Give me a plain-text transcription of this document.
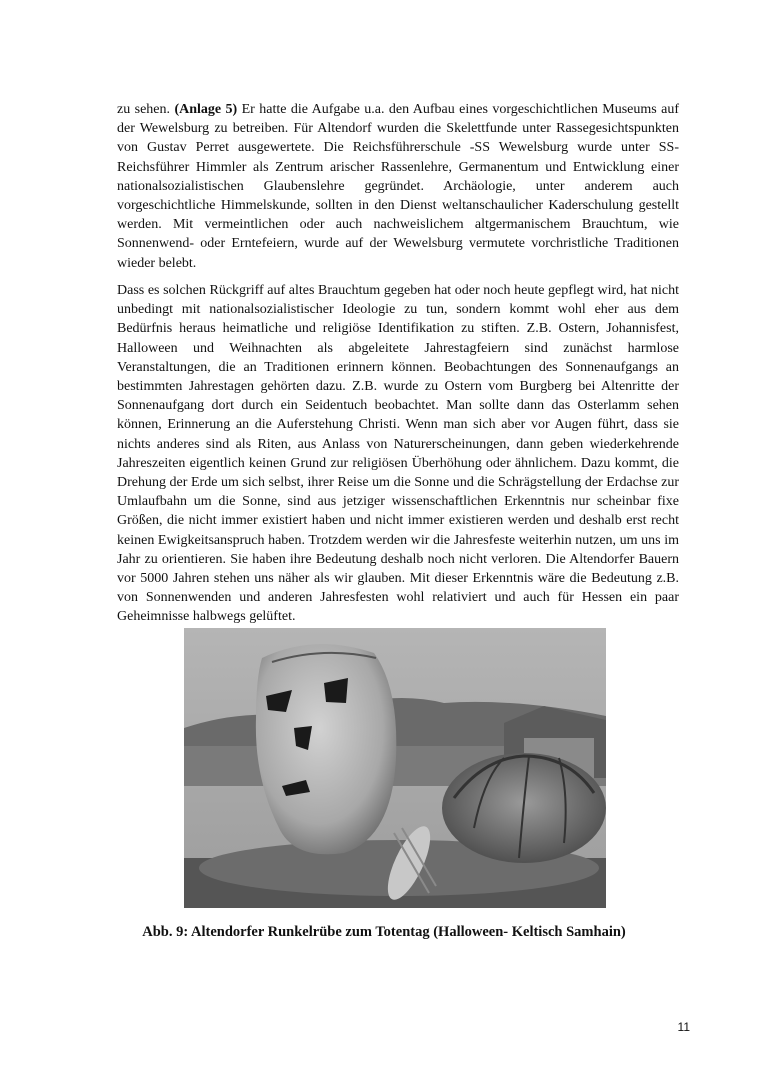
zu sehen. (Anlage 5) Er hatte die Aufgabe u.a. den Aufbau eines vorgeschichtlichen Museums auf der Wewelsburg zu betreiben. Für Altendorf wurden die Skelettfunde unter Rassegesichtspunkten von Gustav Perret ausgewertete. Die Reichsführerschule -SS Wewelsburg wurde unter SS-Reichsführer Himmler als Zentrum arischer Rassenlehre, Germanentum und Entwicklung einer nationalsozialistischen Glaubenslehre gegründet. Archäologie, unter anderem auch vorgeschichtliche Himmelskunde, sollten in den Dienst weltanschaulicher Kaderschulung gestellt werden. Mit vermeintlichen oder auch nachweislichem altgermanischem Brauchtum, wie Sonnenwend- oder Erntefeiern, wurde auf der Wewelsburg vermutete vorchristliche Traditionen wieder belebt.

Dass es solchen Rückgriff auf altes Brauchtum gegeben hat oder noch heute gepflegt wird, hat nicht unbedingt mit nationalsozialistischer Ideologie zu tun, sondern kommt wohl eher aus dem Bedürfnis heraus heimatliche und religiöse Identifikation zu stiften. Z.B. Ostern, Johannisfest, Halloween und Weihnachten als abgeleitete Jahrestagfeiern sind zunächst harmlose Veranstaltungen, die an Traditionen erinnern können. Beobachtungen des Sonnenaufgangs an bestimmten Jahrestagen gehörten dazu. Z.B. wurde zu Ostern vom Burgberg bei Altenritte der Sonnenaufgang dort durch ein Seidentuch beobachtet. Man sollte dann das Osterlamm sehen können, Erinnerung an die Auferstehung Christi. Wenn man sich aber vor Augen führt, dass sie nichts anderes sind als Riten, aus Anlass von Naturerscheinungen, dann geben wiederkehrende Jahreszeiten eigentlich keinen Grund zur religiösen Überhöhung oder ähnlichem. Dazu kommt, die Drehung der Erde um sich selbst, ihrer Reise um die Sonne und die Schrägstellung der Erdachse zur Umlaufbahn um die Sonne, sind aus jetziger wissenschaftlichen Erkenntnis nur scheinbar fixe Größen, die nicht immer existiert haben und nicht immer existieren werden und deshalb erst recht keinen Ewigkeitsanspruch haben. Trotzdem werden wir die Jahresfeste weiterhin nutzen, um uns im Jahr zu orientieren. Sie haben ihre Bedeutung deshalb noch nicht verloren. Die Altendorfer Bauern vor 5000 Jahren stehen uns näher als wir glauben. Mit dieser Erkenntnis wäre die Bedeutung z.B. von Sonnenwenden und anderen Jahresfesten wohl relativiert und auch für Hessen ein paar Geheimnisse halbwegs gelüftet.

Abb. 9: Altendorfer Runkelrübe zum Totentag (Halloween- Keltisch Samhain)

11
